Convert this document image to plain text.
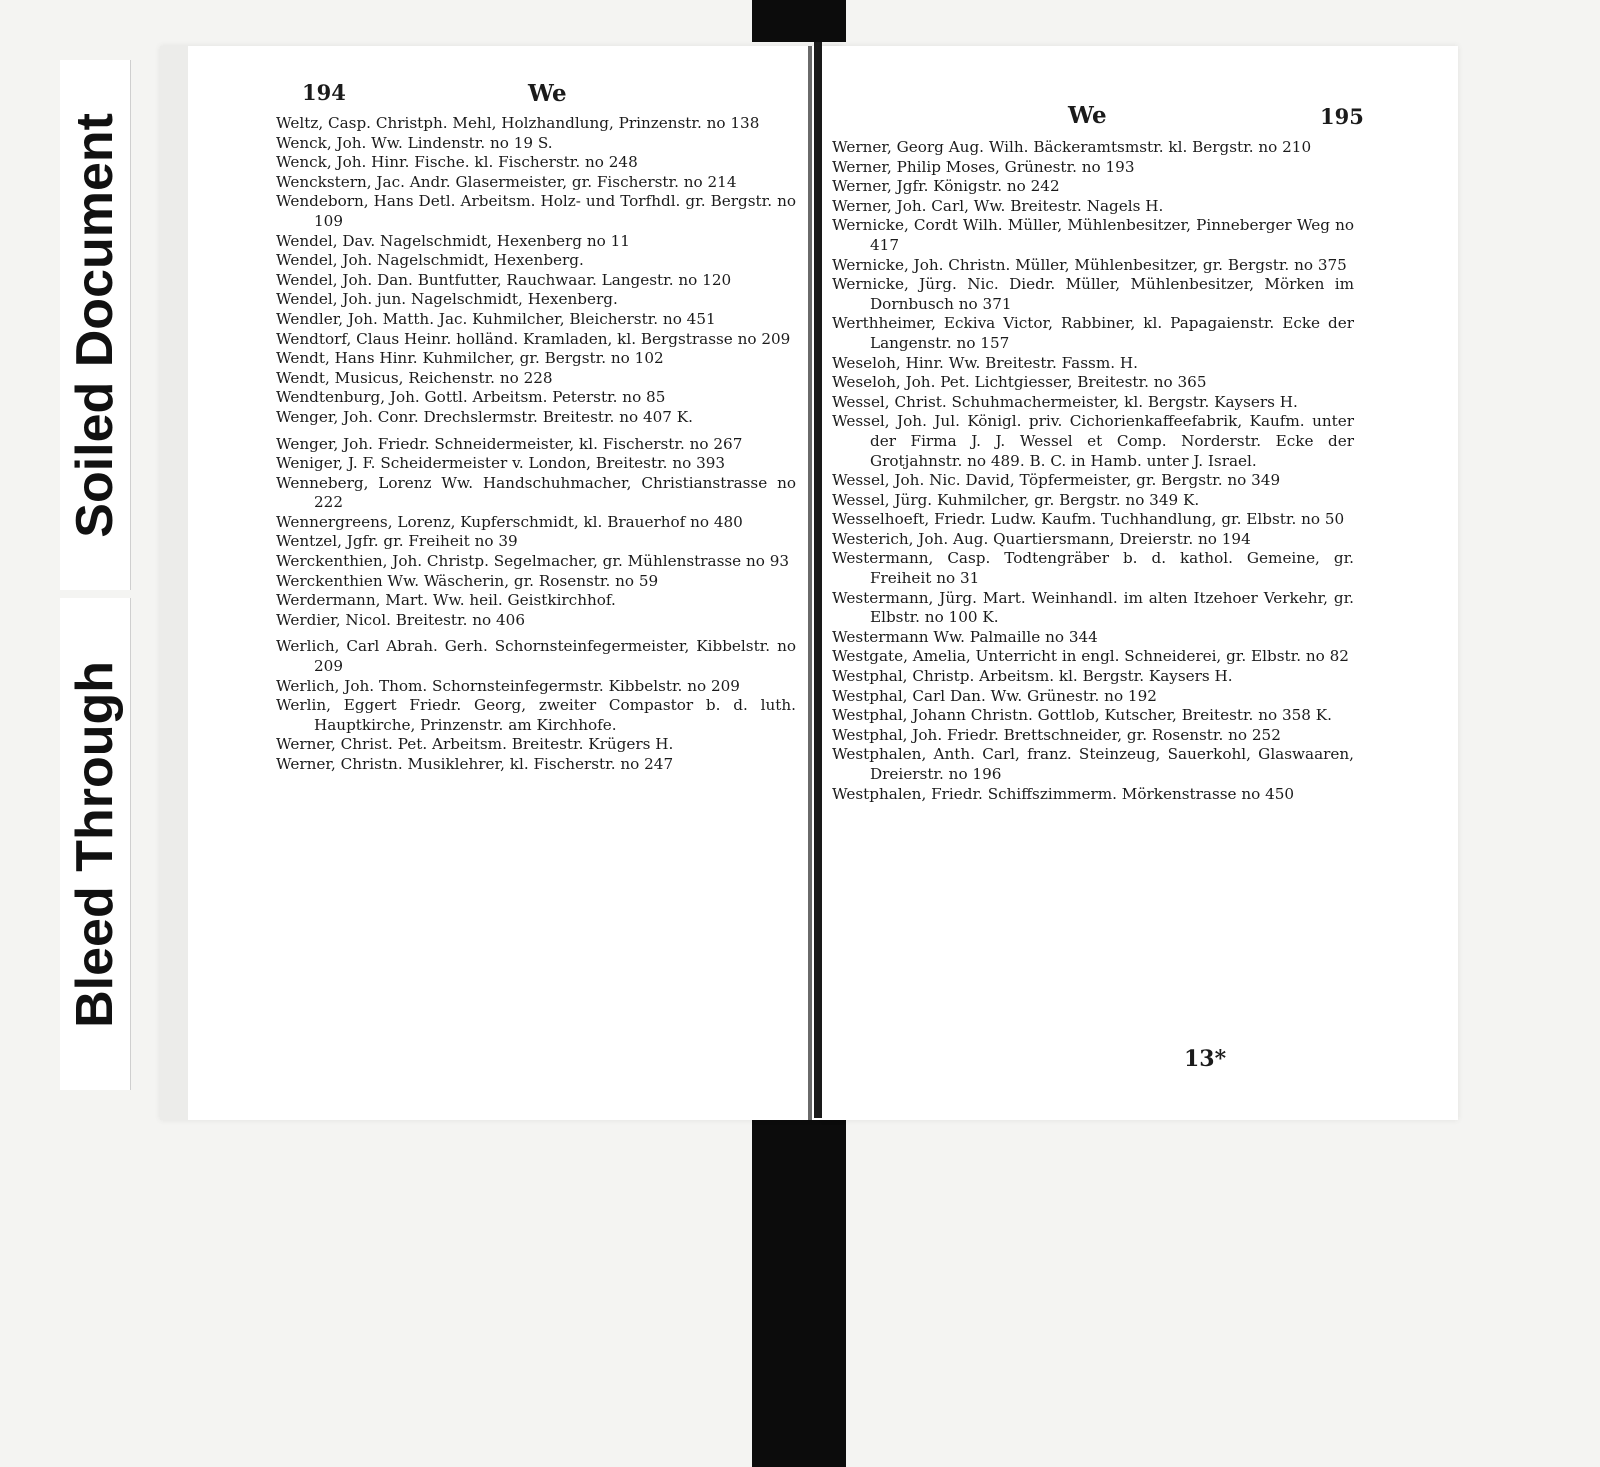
Soiled Document
Bleed Through
194	We
Weltz, Casp. Christph. Mehl, Holzhandlung, Prinzenstr. no 138
Wenck, Joh. Ww. Lindenstr. no 19 S.
Wenck, Joh. Hinr. Fische. kl. Fischerstr. no 248
Wenckstern, Jac. Andr. Glasermeister, gr. Fischerstr. no 214
Wendeborn, Hans Detl. Arbeitsm. Holz- und Torfhdl. gr. Bergstr. no 109
Wendel, Dav. Nagelschmidt, Hexenberg no 11
Wendel, Joh. Nagelschmidt, Hexenberg.
Wendel, Joh. Dan. Buntfutter, Rauchwaar. Langestr. no 120
Wendel, Joh. jun. Nagelschmidt, Hexenberg.
Wendler, Joh. Matth. Jac. Kuhmilcher, Bleicherstr. no 451
Wendtorf, Claus Heinr. holländ. Kramladen, kl. Bergstrasse no 209
Wendt, Hans Hinr. Kuhmilcher, gr. Bergstr. no 102
Wendt, Musicus, Reichenstr. no 228
Wendtenburg, Joh. Gottl. Arbeitsm. Peterstr. no 85
Wenger, Joh. Conr. Drechslermstr. Breitestr. no 407 K.
Wenger, Joh. Friedr. Schneidermeister, kl. Fischerstr. no 267
Weniger, J. F. Scheidermeister v. London, Breitestr. no 393
Wenneberg, Lorenz Ww. Handschuhmacher, Christianstrasse no 222
Wennergreens, Lorenz, Kupferschmidt, kl. Brauerhof no 480
Wentzel, Jgfr. gr. Freiheit no 39
Werckenthien, Joh. Christp. Segelmacher, gr. Mühlenstrasse no 93
Werckenthien Ww. Wäscherin, gr. Rosenstr. no 59
Werdermann, Mart. Ww. heil. Geistkirchhof.
Werdier, Nicol. Breitestr. no 406
Werlich, Carl Abrah. Gerh. Schornsteinfegermeister, Kibbelstr. no 209
Werlich, Joh. Thom. Schornsteinfegermstr. Kibbelstr. no 209
Werlin, Eggert Friedr. Georg, zweiter Compastor b. d. luth. Hauptkirche, Prinzenstr. am Kirchhofe.
Werner, Christ. Pet. Arbeitsm. Breitestr. Krügers H.
Werner, Christn. Musiklehrer, kl. Fischerstr. no 247
We	195
Werner, Georg Aug. Wilh. Bäckeramtsmstr. kl. Bergstr. no 210
Werner, Philip Moses, Grünestr. no 193
Werner, Jgfr. Königstr. no 242
Werner, Joh. Carl, Ww. Breitestr. Nagels H.
Wernicke, Cordt Wilh. Müller, Mühlenbesitzer, Pinneberger Weg no 417
Wernicke, Joh. Christn. Müller, Mühlenbesitzer, gr. Bergstr. no 375
Wernicke, Jürg. Nic. Diedr. Müller, Mühlenbesitzer, Mörken im Dornbusch no 371
Werthheimer, Eckiva Victor, Rabbiner, kl. Papagaienstr. Ecke der Langenstr. no 157
Weseloh, Hinr. Ww. Breitestr. Fassm. H.
Weseloh, Joh. Pet. Lichtgiesser, Breitestr. no 365
Wessel, Christ. Schuhmachermeister, kl. Bergstr. Kaysers H.
Wessel, Joh. Jul. Königl. priv. Cichorienkaffeefabrik, Kaufm. unter der Firma J. J. Wessel et Comp. Norderstr. Ecke der Grotjahnstr. no 489. B. C. in Hamb. unter J. Israel.
Wessel, Joh. Nic. David, Töpfermeister, gr. Bergstr. no 349
Wessel, Jürg. Kuhmilcher, gr. Bergstr. no 349 K.
Wesselhoeft, Friedr. Ludw. Kaufm. Tuchhandlung, gr. Elbstr. no 50
Westerich, Joh. Aug. Quartiersmann, Dreierstr. no 194
Westermann, Casp. Todtengräber b. d. kathol. Gemeine, gr. Freiheit no 31
Westermann, Jürg. Mart. Weinhandl. im alten Itzehoer Verkehr, gr. Elbstr. no 100 K.
Westermann Ww. Palmaille no 344
Westgate, Amelia, Unterricht in engl. Schneiderei, gr. Elbstr. no 82
Westphal, Christp. Arbeitsm. kl. Bergstr. Kaysers H.
Westphal, Carl Dan. Ww. Grünestr. no 192
Westphal, Johann Christn. Gottlob, Kutscher, Breitestr. no 358 K.
Westphal, Joh. Friedr. Brettschneider, gr. Rosenstr. no 252
Westphalen, Anth. Carl, franz. Steinzeug, Sauerkohl, Glaswaaren, Dreierstr. no 196
Westphalen, Friedr. Schiffszimmerm. Mörkenstrasse no 450
13*
